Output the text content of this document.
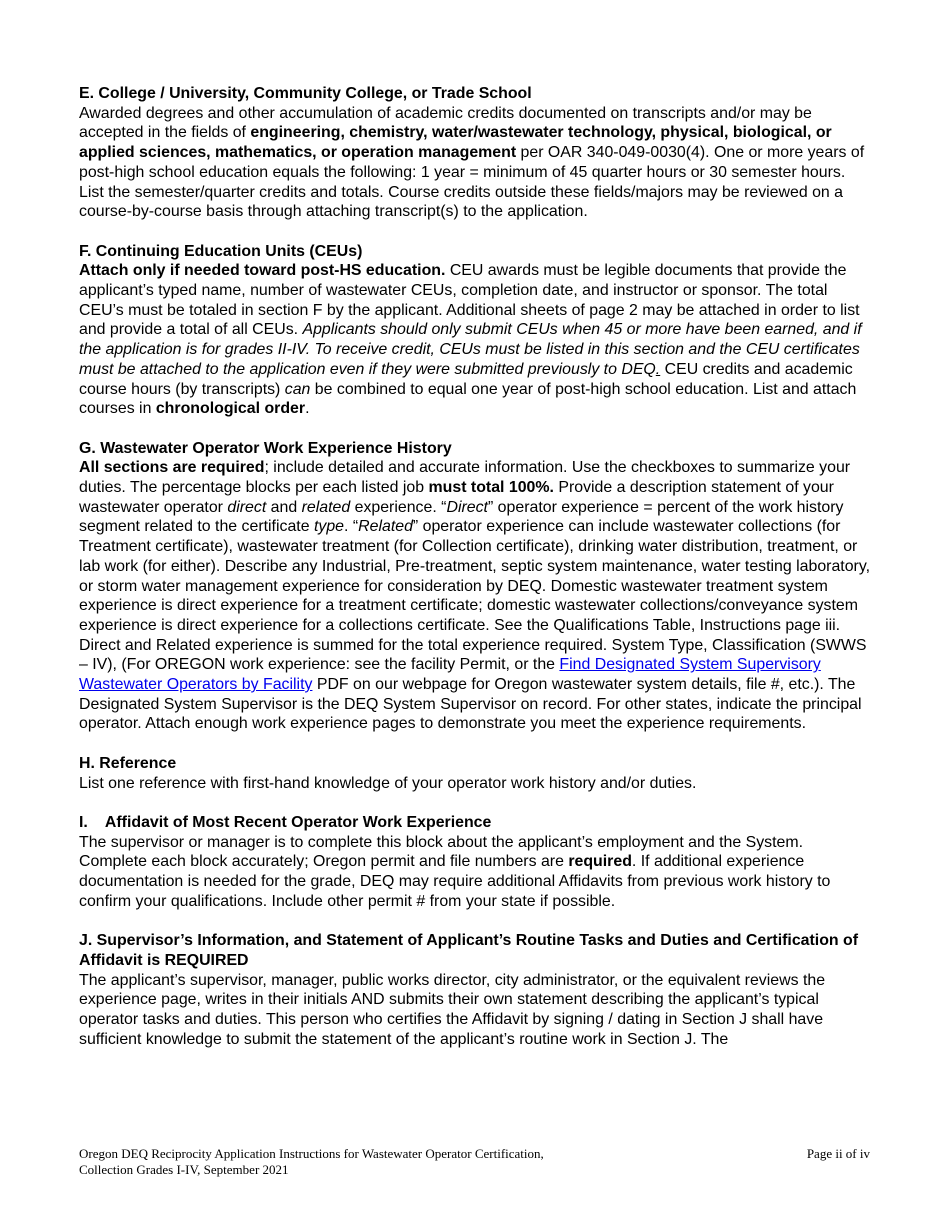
E. College / University, Community College, or Trade School

Awarded degrees and other accumulation of academic credits documented on transcripts and/or may be accepted in the fields of engineering, chemistry, water/wastewater technology, physical, biological, or applied sciences, mathematics, or operation management per OAR 340-049-0030(4). One or more years of post-high school education equals the following: 1 year = minimum of 45 quarter hours or 30 semester hours. List the semester/quarter credits and totals. Course credits outside these fields/majors may be reviewed on a course-by-course basis through attaching transcript(s) to the application.

F. Continuing Education Units (CEUs)

Attach only if needed toward post-HS education. CEU awards must be legible documents that provide the applicant’s typed name, number of wastewater CEUs, completion date, and instructor or sponsor. The total CEU’s must be totaled in section F by the applicant. Additional sheets of page 2 may be attached in order to list and provide a total of all CEUs. Applicants should only submit CEUs when 45 or more have been earned, and if the application is for grades II-IV. To receive credit, CEUs must be listed in this section and the CEU certificates must be attached to the application even if they were submitted previously to DEQ. CEU credits and academic course hours (by transcripts) can be combined to equal one year of post-high school education. List and attach courses in chronological order.

G. Wastewater Operator Work Experience History

All sections are required; include detailed and accurate information. Use the checkboxes to summarize your duties. The percentage blocks per each listed job must total 100%. Provide a description statement of your wastewater operator direct and related experience. “Direct” operator experience = percent of the work history segment related to the certificate type. “Related” operator experience can include wastewater collections (for Treatment certificate), wastewater treatment (for Collection certificate), drinking water distribution, treatment, or lab work (for either). Describe any Industrial, Pre-treatment, septic system maintenance, water testing laboratory, or storm water management experience for consideration by DEQ. Domestic wastewater treatment system experience is direct experience for a treatment certificate; domestic wastewater collections/conveyance system experience is direct experience for a collections certificate. See the Qualifications Table, Instructions page iii. Direct and Related experience is summed for the total experience required. System Type, Classification (SWWS – IV), (For OREGON work experience: see the facility Permit, or the Find Designated System Supervisory Wastewater Operators by Facility PDF on our webpage for Oregon wastewater system details, file #, etc.). The Designated System Supervisor is the DEQ System Supervisor on record. For other states, indicate the principal operator. Attach enough work experience pages to demonstrate you meet the experience requirements.

H. Reference

List one reference with first-hand knowledge of your operator work history and/or duties.

I.    Affidavit of Most Recent Operator Work Experience

The supervisor or manager is to complete this block about the applicant’s employment and the System. Complete each block accurately; Oregon permit and file numbers are required. If additional experience documentation is needed for the grade, DEQ may require additional Affidavits from previous work history to confirm your qualifications. Include other permit # from your state if possible.

J. Supervisor’s Information, and Statement of Applicant’s Routine Tasks and Duties and Certification of Affidavit is REQUIRED

The applicant’s supervisor, manager, public works director, city administrator, or the equivalent reviews the experience page, writes in their initials AND submits their own statement describing the applicant’s typical operator tasks and duties. This person who certifies the Affidavit by signing / dating in Section J shall have sufficient knowledge to submit the statement of the applicant’s routine work in Section J. The

Oregon DEQ Reciprocity Application Instructions for Wastewater Operator Certification,
Collection Grades I-IV, September 2021
Page ii of iv
